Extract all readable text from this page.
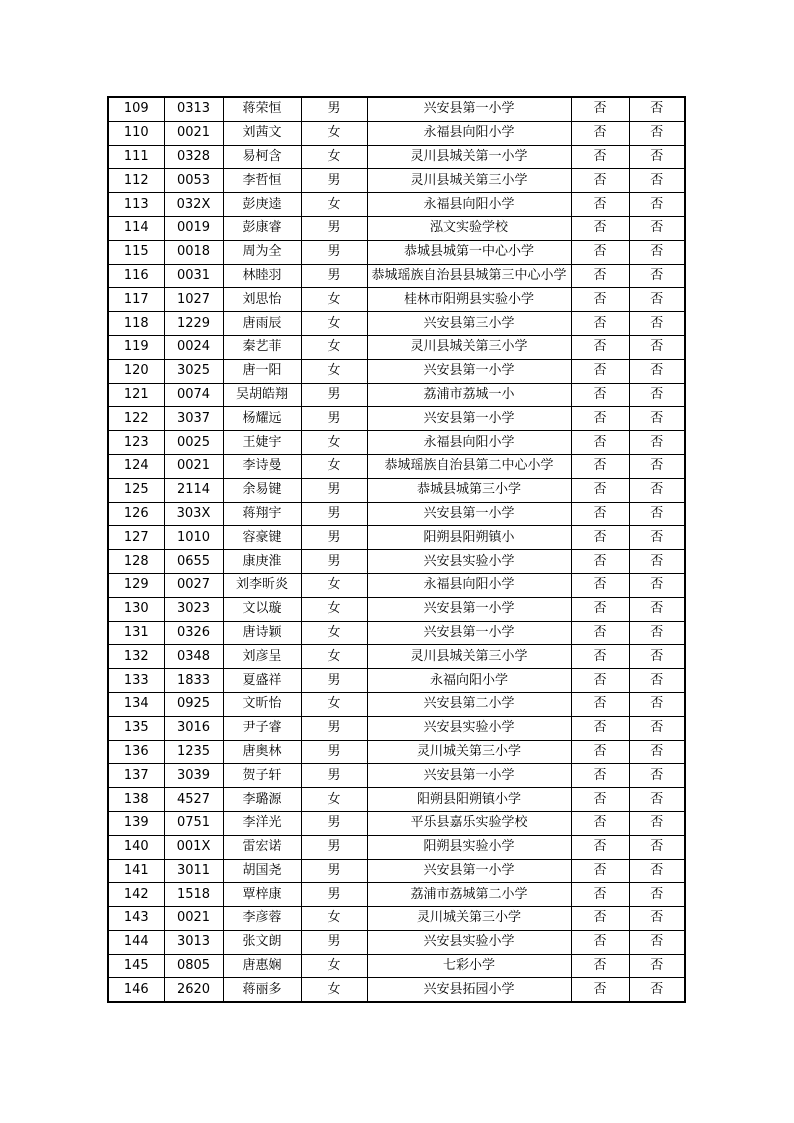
109	0313	蒋荣恒	男	兴安县第一小学	否	否
110	0021	刘茜文	女	永福县向阳小学	否	否
111	0328	易柯含	女	灵川县城关第一小学	否	否
112	0053	李哲恒	男	灵川县城关第三小学	否	否
113	032X	彭庚逵	女	永福县向阳小学	否	否
114	0019	彭康睿	男	泓文实验学校	否	否
115	0018	周为全	男	恭城县城第一中心小学	否	否
116	0031	林睦羽	男	恭城瑶族自治县县城第三中心小学	否	否
117	1027	刘思怡	女	桂林市阳朔县实验小学	否	否
118	1229	唐雨辰	女	兴安县第三小学	否	否
119	0024	秦艺菲	女	灵川县城关第三小学	否	否
120	3025	唐一阳	女	兴安县第一小学	否	否
121	0074	吴胡皓翔	男	荔浦市荔城一小	否	否
122	3037	杨耀远	男	兴安县第一小学	否	否
123	0025	王婕宇	女	永福县向阳小学	否	否
124	0021	李诗曼	女	恭城瑶族自治县第二中心小学	否	否
125	2114	余易键	男	恭城县城第三小学	否	否
126	303X	蒋翔宇	男	兴安县第一小学	否	否
127	1010	容豪键	男	阳朔县阳朔镇小	否	否
128	0655	康庚淮	男	兴安县实验小学	否	否
129	0027	刘李昕炎	女	永福县向阳小学	否	否
130	3023	文以璇	女	兴安县第一小学	否	否
131	0326	唐诗颖	女	兴安县第一小学	否	否
132	0348	刘彦呈	女	灵川县城关第三小学	否	否
133	1833	夏盛祥	男	永福向阳小学	否	否
134	0925	文昕怡	女	兴安县第二小学	否	否
135	3016	尹子睿	男	兴安县实验小学	否	否
136	1235	唐奥林	男	灵川城关第三小学	否	否
137	3039	贺子轩	男	兴安县第一小学	否	否
138	4527	李璐源	女	阳朔县阳朔镇小学	否	否
139	0751	李洋光	男	平乐县嘉乐实验学校	否	否
140	001X	雷宏诺	男	阳朔县实验小学	否	否
141	3011	胡国尧	男	兴安县第一小学	否	否
142	1518	覃梓康	男	荔浦市荔城第二小学	否	否
143	0021	李彦蓉	女	灵川城关第三小学	否	否
144	3013	张文朗	男	兴安县实验小学	否	否
145	0805	唐惠娴	女	七彩小学	否	否
146	2620	蒋丽多	女	兴安县拓园小学	否	否
